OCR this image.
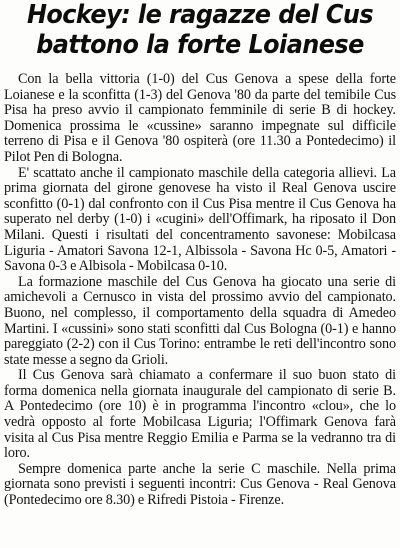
Hockey: le ragazze del Cus
battono la forte Loianese

Con la bella vittoria (1-0) del Cus Genova a spese della forte Loianese e la sconfitta (1-3) del Genova '80 da parte del temibile Cus Pisa ha preso avvio il campionato femminile di serie B di hockey. Domenica prossima le «cussine» saranno impegnate sul difficile terreno di Pisa e il Genova '80 ospiterà (ore 11.30 a Pontedecimo) il Pilot Pen di Bologna.

E' scattato anche il campionato maschile della categoria allievi. La prima giornata del girone genovese ha visto il Real Genova uscire sconfitto (0-1) dal confronto con il Cus Pisa mentre il Cus Genova ha superato nel derby (1-0) i «cugini» dell'Offimark, ha riposato il Don Milani. Questi i risultati del concentramento savonese: Mobilcasa Liguria - Amatori Savona 12-1, Albissola - Savona Hc 0-5, Amatori - Savona 0-3 e Albisola - Mobilcasa 0-10.

La formazione maschile del Cus Genova ha giocato una serie di amichevoli a Cernusco in vista del prossimo avvio del campionato. Buono, nel complesso, il comportamento della squadra di Amedeo Martini. I «cussini» sono stati sconfitti dal Cus Bologna (0-1) e hanno pareggiato (2-2) con il Cus Torino: entrambe le reti dell'incontro sono state messe a segno da Grioli.

Il Cus Genova sarà chiamato a confermare il suo buon stato di forma domenica nella giornata inaugurale del campionato di serie B. A Pontedecimo (ore 10) è in programma l'incontro «clou», che lo vedrà opposto al forte Mobilcasa Liguria; l'Offimark Genova farà visita al Cus Pisa mentre Reggio Emilia e Parma se la vedranno tra di loro.

Sempre domenica parte anche la serie C maschile. Nella prima giornata sono previsti i seguenti incontri: Cus Genova - Real Genova (Pontedecimo ore 8.30) e Rifredi Pistoia - Firenze.
